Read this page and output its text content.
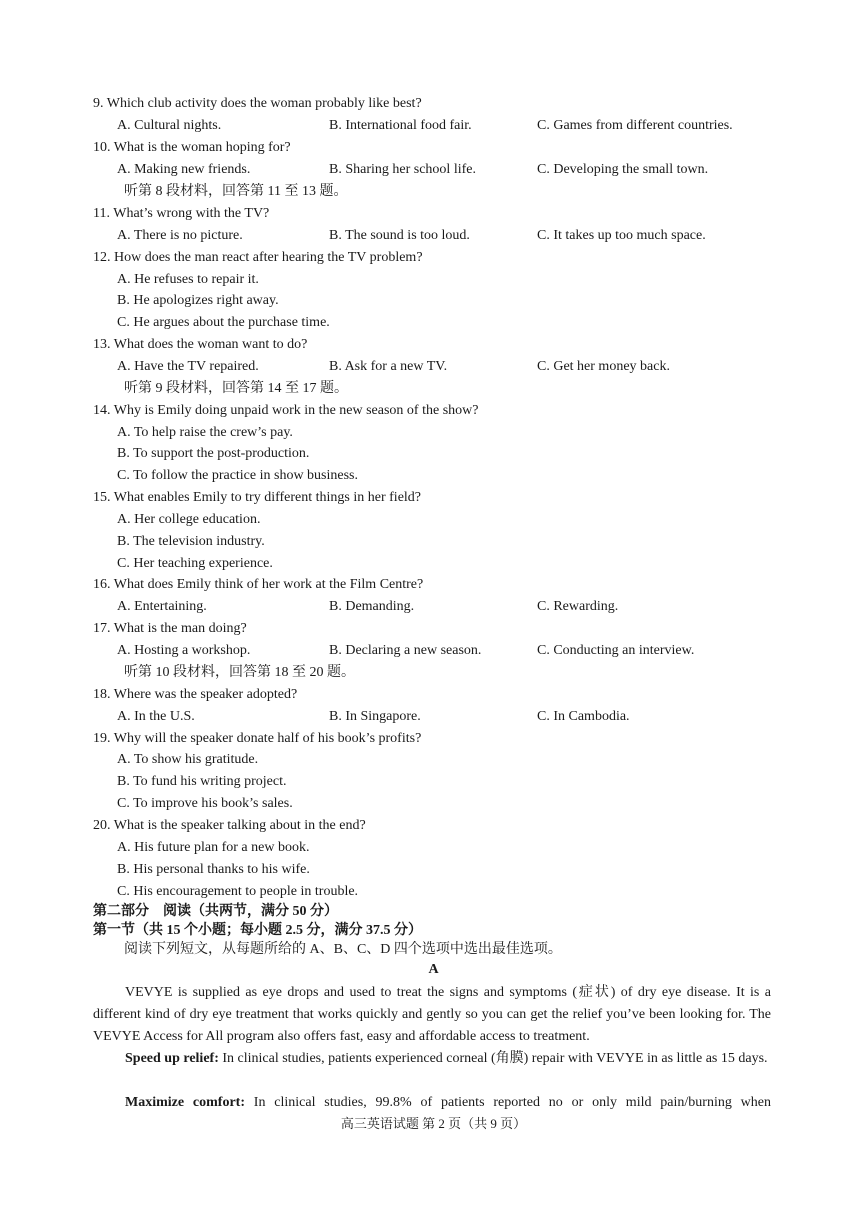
9. Which club activity does the woman probably like best?
A. Cultural nights.	B. International food fair.	C. Games from different countries.
10. What is the woman hoping for?
A. Making new friends.	B. Sharing her school life.	C. Developing the small town.
听第 8 段材料，回答第 11 至 13 题。
11. What’s wrong with the TV?
A. There is no picture.	B. The sound is too loud.	C. It takes up too much space.
12. How does the man react after hearing the TV problem?
A. He refuses to repair it.
B. He apologizes right away.
C. He argues about the purchase time.
13. What does the woman want to do?
A. Have the TV repaired.	B. Ask for a new TV.	C. Get her money back.
听第 9 段材料，回答第 14 至 17 题。
14. Why is Emily doing unpaid work in the new season of the show?
A. To help raise the crew’s pay.
B. To support the post-production.
C. To follow the practice in show business.
15. What enables Emily to try different things in her field?
A. Her college education.
B. The television industry.
C. Her teaching experience.
16. What does Emily think of her work at the Film Centre?
A. Entertaining.	B. Demanding.	C. Rewarding.
17. What is the man doing?
A. Hosting a workshop.	B. Declaring a new season.	C. Conducting an interview.
听第 10 段材料，回答第 18 至 20 题。
18. Where was the speaker adopted?
A. In the U.S.	B. In Singapore.	C. In Cambodia.
19. Why will the speaker donate half of his book’s profits?
A. To show his gratitude.
B. To fund his writing project.
C. To improve his book’s sales.
20. What is the speaker talking about in the end?
A. His future plan for a new book.
B. His personal thanks to his wife.
C. His encouragement to people in trouble.
第二部分　阅读（共两节，满分 50 分）
第一节（共 15 个小题；每小题 2.5 分，满分 37.5 分）
阅读下列短文，从每题所给的 A、B、C、D 四个选项中选出最佳选项。
A
VEVYE is supplied as eye drops and used to treat the signs and symptoms (症状) of dry eye disease. It is a different kind of dry eye treatment that works quickly and gently so you can get the relief you’ve been looking for. The VEVYE Access for All program also offers fast, easy and affordable access to treatment.
Speed up relief: In clinical studies, patients experienced corneal (角膜) repair with VEVYE in as little as 15 days.
Maximize comfort: In clinical studies, 99.8% of patients reported no or only mild pain/burning when
高三英语试题 第 2 页（共 9 页）
